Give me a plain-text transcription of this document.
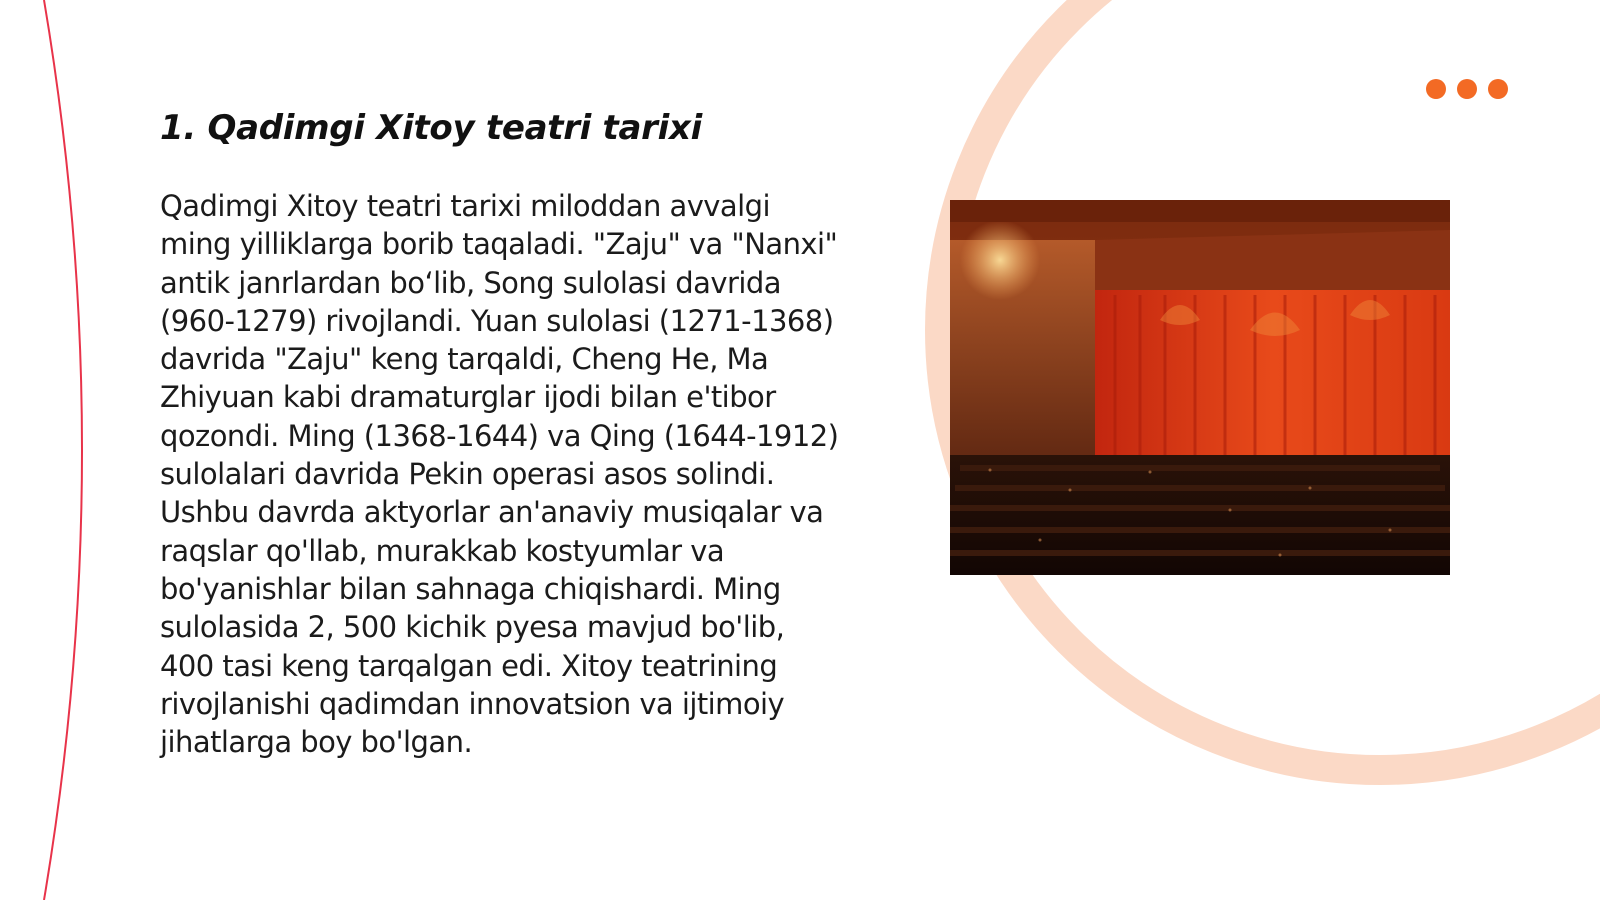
1. Qadimgi Xitoy teatri tarixi

Qadimgi Xitoy teatri tarixi miloddan avvalgi ming yilliklarga borib taqaladi. "Zaju" va "Nanxi" antik janrlardan bo‘lib, Song sulolasi davrida (960-1279) rivojlandi. Yuan sulolasi (1271-1368) davrida "Zaju" keng tarqaldi, Cheng He, Ma Zhiyuan kabi dramaturglar ijodi bilan e'tibor qozondi. Ming (1368-1644) va Qing (1644-1912) sulolalari davrida Pekin operasi asos solindi. Ushbu davrda aktyorlar an'anaviy musiqalar va raqslar qo'llab, murakkab kostyumlar va bo'yanishlar bilan sahnaga chiqishardi. Ming sulolasida 2, 500 kichik pyesa mavjud bo'lib, 400 tasi keng tarqalgan edi. Xitoy teatrining rivojlanishi qadimdan innovatsion va ijtimoiy jihatlarga boy bo'lgan.
